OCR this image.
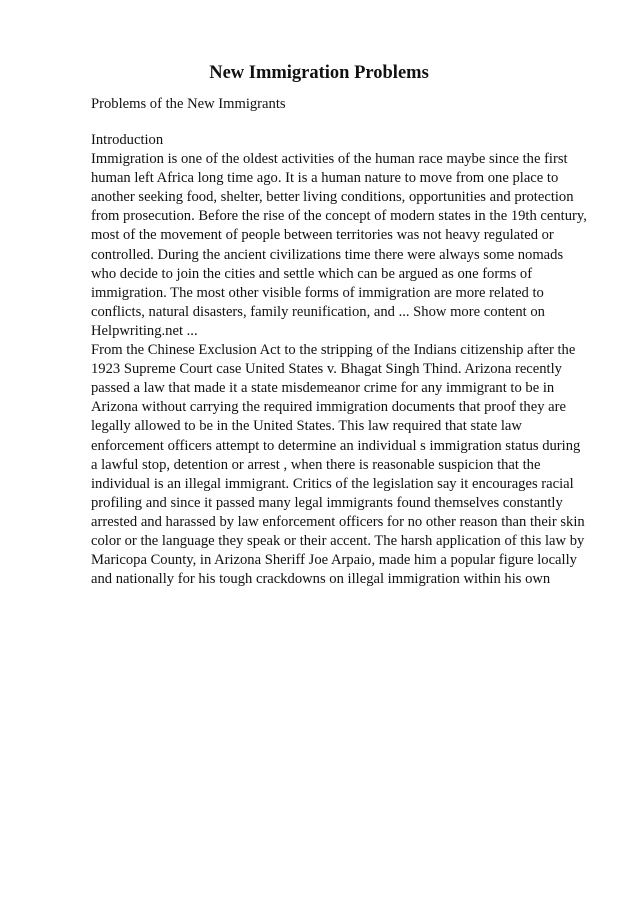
New Immigration Problems
Problems of the New Immigrants
Introduction
Immigration is one of the oldest activities of the human race maybe since the first
human left Africa long time ago. It is a human nature to move from one place to
another seeking food, shelter, better living conditions, opportunities and protection
from prosecution. Before the rise of the concept of modern states in the 19th century,
most of the movement of people between territories was not heavy regulated or
controlled. During the ancient civilizations time there were always some nomads
who decide to join the cities and settle which can be argued as one forms of
immigration. The most other visible forms of immigration are more related to
conflicts, natural disasters, family reunification, and ... Show more content on
Helpwriting.net ...
From the Chinese Exclusion Act to the stripping of the Indians citizenship after the
1923 Supreme Court case United States v. Bhagat Singh Thind. Arizona recently
passed a law that made it a state misdemeanor crime for any immigrant to be in
Arizona without carrying the required immigration documents that proof they are
legally allowed to be in the United States. This law required that state law
enforcement officers attempt to determine an individual s immigration status during
a lawful stop, detention or arrest , when there is reasonable suspicion that the
individual is an illegal immigrant. Critics of the legislation say it encourages racial
profiling and since it passed many legal immigrants found themselves constantly
arrested and harassed by law enforcement officers for no other reason than their skin
color or the language they speak or their accent. The harsh application of this law by
Maricopa County, in Arizona Sheriff Joe Arpaio, made him a popular figure locally
and nationally for his tough crackdowns on illegal immigration within his own
